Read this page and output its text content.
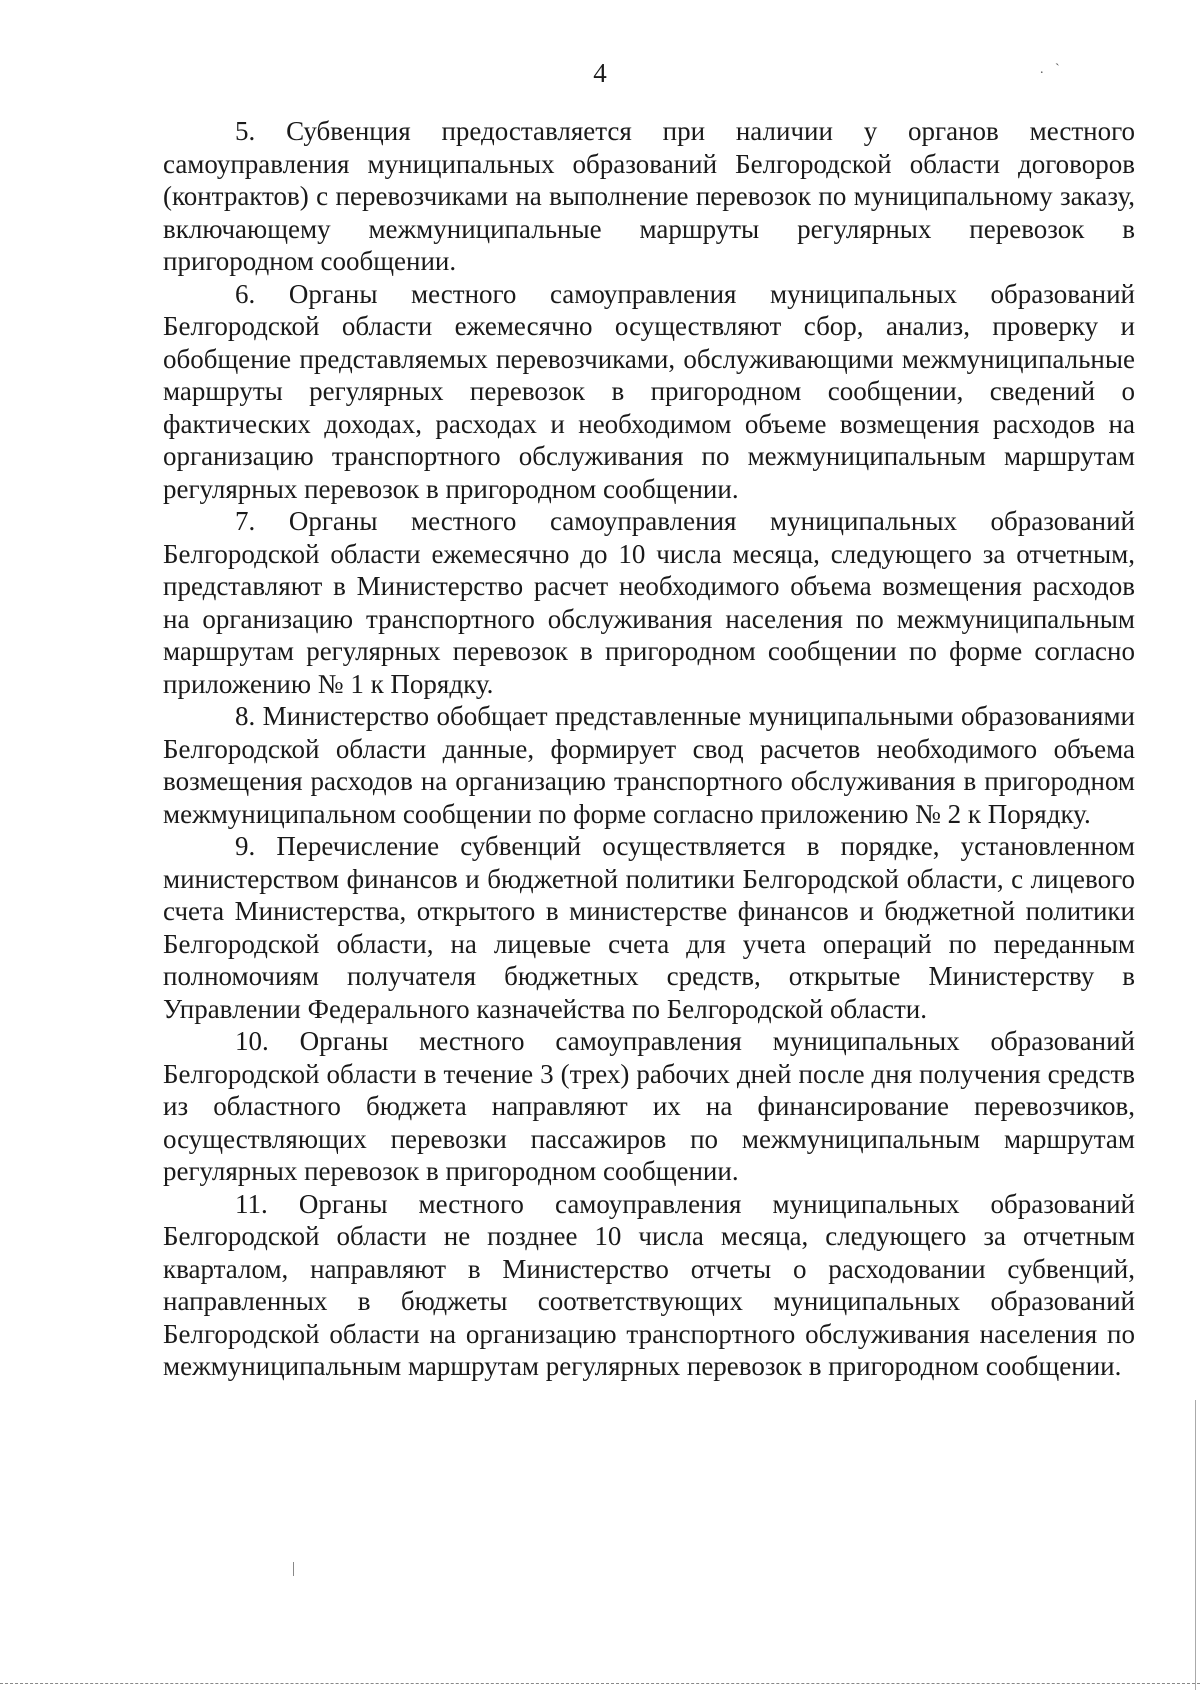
4	. ˋ

5. Субвенция предоставляется при наличии у органов местного самоуправления муниципальных образований Белгородской области договоров (контрактов) с перевозчиками на выполнение перевозок по муниципальному заказу, включающему межмуниципальные маршруты регулярных перевозок в пригородном сообщении.

6. Органы местного самоуправления муниципальных образований Белгородской области ежемесячно осуществляют сбор, анализ, проверку и обобщение представляемых перевозчиками, обслуживающими межмуниципальные маршруты регулярных перевозок в пригородном сообщении, сведений о фактических доходах, расходах и необходимом объеме возмещения расходов на организацию транспортного обслуживания по межмуниципальным маршрутам регулярных перевозок в пригородном сообщении.

7. Органы местного самоуправления муниципальных образований Белгородской области ежемесячно до 10 числа месяца, следующего за отчетным, представляют в Министерство расчет необходимого объема возмещения расходов на организацию транспортного обслуживания населения по межмуниципальным маршрутам регулярных перевозок в пригородном сообщении по форме согласно приложению № 1 к Порядку.

8. Министерство обобщает представленные муниципальными образованиями Белгородской области данные, формирует свод расчетов необходимого объема возмещения расходов на организацию транспортного обслуживания в пригородном межмуниципальном сообщении по форме согласно приложению № 2 к Порядку.

9. Перечисление субвенций осуществляется в порядке, установленном министерством финансов и бюджетной политики Белгородской области, с лицевого счета Министерства, открытого в министерстве финансов и бюджетной политики Белгородской области, на лицевые счета для учета операций по переданным полномочиям получателя бюджетных средств, открытые Министерству в Управлении Федерального казначейства по Белгородской области.

10. Органы местного самоуправления муниципальных образований Белгородской области в течение 3 (трех) рабочих дней после дня получения средств из областного бюджета направляют их на финансирование перевозчиков, осуществляющих перевозки пассажиров по межмуниципальным маршрутам регулярных перевозок в пригородном сообщении.

11. Органы местного самоуправления муниципальных образований Белгородской области не позднее 10 числа месяца, следующего за отчетным кварталом, направляют в Министерство отчеты о расходовании субвенций, направленных в бюджеты соответствующих муниципальных образований Белгородской области на организацию транспортного обслуживания населения по межмуниципальным маршрутам регулярных перевозок в пригородном сообщении.
